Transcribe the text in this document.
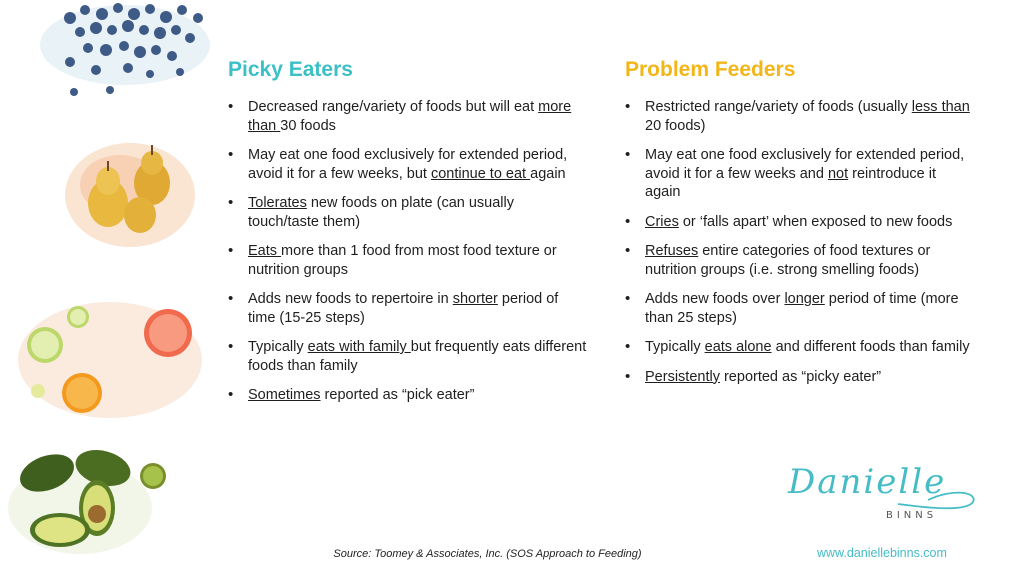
Picky Eaters
• Decreased range/variety of foods but will eat more than 30 foods
• May eat one food exclusively for extended period, avoid it for a few weeks, but continue to eat again
• Tolerates new foods on plate (can usually touch/taste them)
• Eats more than 1 food from most food texture or nutrition groups
• Adds new foods to repertoire in shorter period of time (15-25 steps)
• Typically eats with family but frequently eats different foods than family
• Sometimes reported as “pick eater”
Problem Feeders
• Restricted range/variety of foods (usually less than 20 foods)
• May eat one food exclusively for extended period, avoid it for a few weeks and not reintroduce it again
• Cries or ‘falls apart’ when exposed to new foods
• Refuses entire categories of food textures or nutrition groups (i.e. strong smelling foods)
• Adds new foods over longer period of time (more than 25 steps)
• Typically eats alone and different foods than family
• Persistently reported as “picky eater”
Danielle
BINNS
Source: Toomey & Associates, Inc. (SOS Approach to Feeding)	www.daniellebinns.com
